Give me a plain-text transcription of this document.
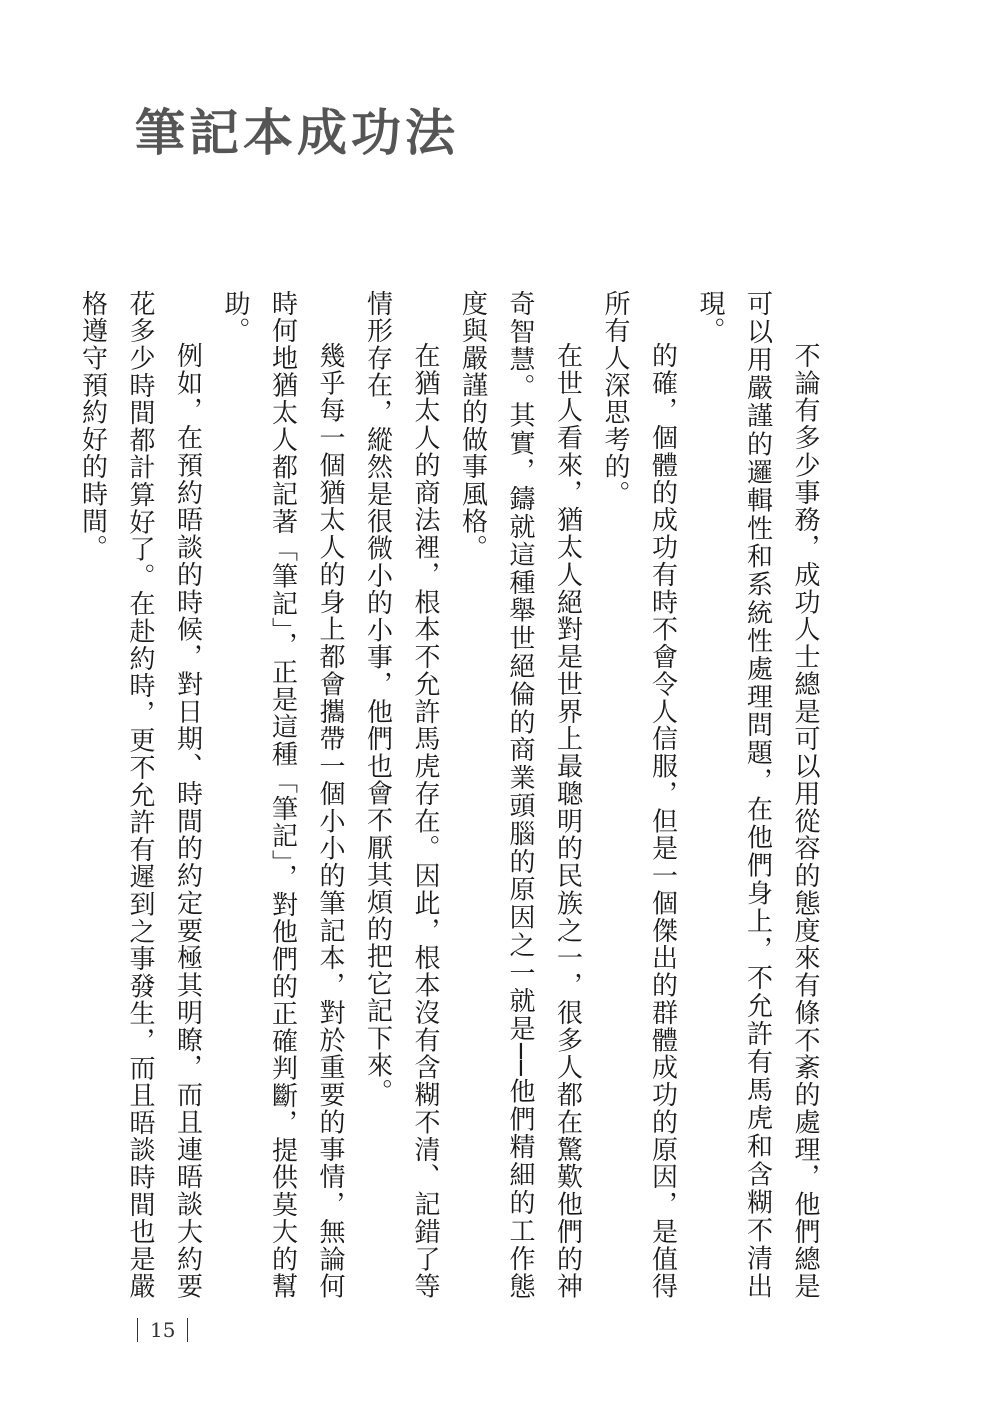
筆記本成功法

不論有多少事務，成功人士總是可以用從容的態度來有條不紊的處理，他們總是可以用嚴謹的邏輯性和系統性處理問題，在他們身上，不允許有馬虎和含糊不清出現。

的確，個體的成功有時不會令人信服，但是一個傑出的群體成功的原因，是值得所有人深思考的。

在世人看來，猶太人絕對是世界上最聰明的民族之一，很多人都在驚歎他們的神奇智慧。其實，鑄就這種舉世絕倫的商業頭腦的原因之一就是──他們精細的工作態度與嚴謹的做事風格。

在猶太人的商法裡，根本不允許馬虎存在。因此，根本沒有含糊不清、記錯了等情形存在，縱然是很微小的小事，他們也會不厭其煩的把它記下來。

幾乎每一個猶太人的身上都會攜帶一個小小的筆記本，對於重要的事情，無論何時何地猶太人都記著「筆記」，正是這種「筆記」，對他們的正確判斷，提供莫大的幫助。

例如，在預約晤談的時候，對日期、時間的約定要極其明瞭，而且連晤談大約要花多少時間都計算好了。在赴約時，更不允許有遲到之事發生，而且晤談時間也是嚴格遵守預約好的時間。

15
